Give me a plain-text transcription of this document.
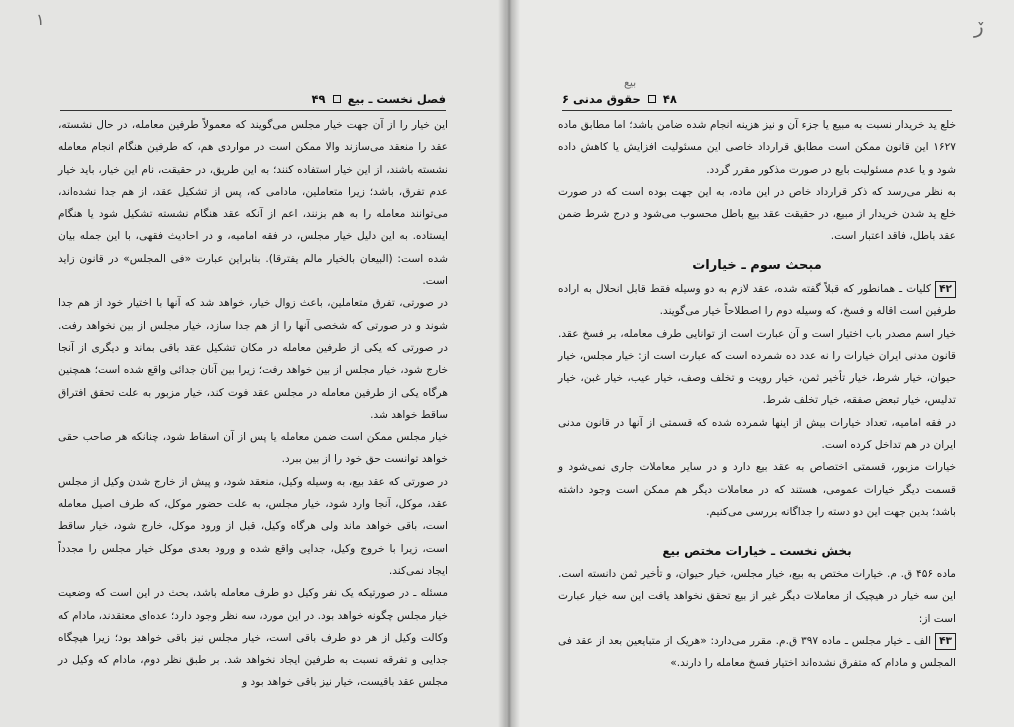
١
فصل نخست ـ بیع  ۴۹

این خیار را از آن جهت خیار مجلس می‌گویند که معمولاً طرفین معامله، در حال نشسته، عقد را منعقد می‌سازند والا ممکن است در مواردی هم، که طرفین هنگام انجام معامله نشسته باشند، از این خیار استفاده کنند؛ به این طریق، در حقیقت، نام این خیار، باید خیار عدم تفرق، باشد؛ زیرا متعاملین، مادامی که، پس از تشکیل عقد، از هم جدا نشده‌اند، می‌توانند معامله را به هم بزنند، اعم از آنکه عقد هنگام نشسته تشکیل شود یا هنگام ایستاده. به این دلیل خیار مجلس، در فقه امامیه، و در احادیث فقهی، با این جمله بیان شده است: (البیعان بالخیار مالم یفترقا). بنابراین عبارت «فی المجلس» در قانون زاید است.

در صورتی، تفرق متعاملین، باعث زوال خیار، خواهد شد که آنها با اختیار خود از هم جدا شوند و در صورتی که شخصی آنها را از هم جدا سازد، خیار مجلس از بین نخواهد رفت. در صورتی که یکی از طرفین معامله در مکان تشکیل عقد باقی بماند و دیگری از آنجا خارج شود، خیار مجلس از بین خواهد رفت؛ زیرا بین آنان جدائی واقع شده است؛ همچنین هرگاه یکی از طرفین معامله در مجلس عقد فوت کند، خیار مزبور به علت تحقق افتراق ساقط خواهد شد.

خیار مجلس ممکن است ضمن معامله یا پس از آن اسقاط شود، چنانکه هر صاحب حقی خواهد توانست حق خود را از بین ببرد.

در صورتی که عقد بیع، به وسیله وکیل، منعقد شود، و پیش از خارج شدن وکیل از مجلس عقد، موکل، آنجا وارد شود، خیار مجلس، به علت حضور موکل، که طرف اصیل معامله است، باقی خواهد ماند ولی هرگاه وکیل، قبل از ورود موکل، خارج شود، خیار ساقط است، زیرا با خروج وکیل، جدایی واقع شده و ورود بعدی موکل خیار مجلس را مجدداً ایجاد نمی‌کند.

مسئله ـ در صورتیکه یک نفر وکیل دو طرف معامله باشد، بحث در این است که وضعیت خیار مجلس چگونه خواهد بود. در این مورد، سه نظر وجود دارد؛ عده‌ای معتقدند، مادام که وکالت وکیل از هر دو طرف باقی است، خیار مجلس نیز باقی خواهد بود؛ زیرا هیچگاه جدایی و تفرقه نسبت به طرفین ایجاد نخواهد شد. بر طبق نظر دوم، مادام که وکیل در مجلس عقد باقیست، خیار نیز باقی خواهد بود و

ڒ
بیع
۴۸  حقوق مدنی ۶

خلع ید خریدار نسبت به مبیع یا جزء آن و نیز هزینه انجام شده ضامن باشد؛ اما مطابق ماده ۱۶۲۷ این قانون ممکن است مطابق قرارداد خاصی این مسئولیت افزایش یا کاهش داده شود و یا عدم مسئولیت بایع در صورت مذکور مقرر گردد.

به نظر می‌رسد که ذکر قرارداد خاص در این ماده، به این جهت بوده است که در صورت خلع ید شدن خریدار از مبیع، در حقیقت عقد بیع باطل محسوب می‌شود و درج شرط ضمن عقد باطل، فاقد اعتبار است.

مبحث سوم ـ خیارات

۴۲کلیات ـ همانطور که قبلاً گفته شده، عقد لازم به دو وسیله فقط قابل انحلال به اراده طرفین است اقاله و فسخ، که وسیله دوم را اصطلاحاً خیار می‌گویند.

خیار اسم مصدر باب اختیار است و آن عبارت است از توانایی طرف معامله، بر فسخ عقد. قانون مدنی ایران خیارات را نه عدد ده شمرده است که عبارت است از: خیار مجلس، خیار حیوان، خیار شرط، خیار تأخیر ثمن، خیار رویت و تخلف وصف، خیار عیب، خیار غبن، خیار تدلیس، خیار تبعض صفقه، خیار تخلف شرط.

در فقه امامیه، تعداد خیارات بیش از اینها شمرده شده که قسمتی از آنها در قانون مدنی ایران در هم تداخل کرده است.

خیارات مزبور، قسمتی اختصاص به عقد بیع دارد و در سایر معاملات جاری نمی‌شود و قسمت دیگر خیارات عمومی، هستند که در معاملات دیگر هم ممکن است وجود داشته باشد؛ بدین جهت این دو دسته را جداگانه بررسی می‌کنیم.

بخش نخست ـ خیارات مختص بیع

ماده ۴۵۶ ق. م. خیارات مختص به بیع، خیار مجلس، خیار حیوان، و تأخیر ثمن دانسته است. این سه خیار در هیچیک از معاملات دیگر غیر از بیع تحقق نخواهد یافت این سه خیار عبارت است از:

۴۳الف ـ خیار مجلس ـ ماده ۳۹۷ ق.م. مقرر می‌دارد: «هریک از متبایعین بعد از عقد فی المجلس و مادام که متفرق نشده‌اند اختیار فسخ معامله را دارند.»
